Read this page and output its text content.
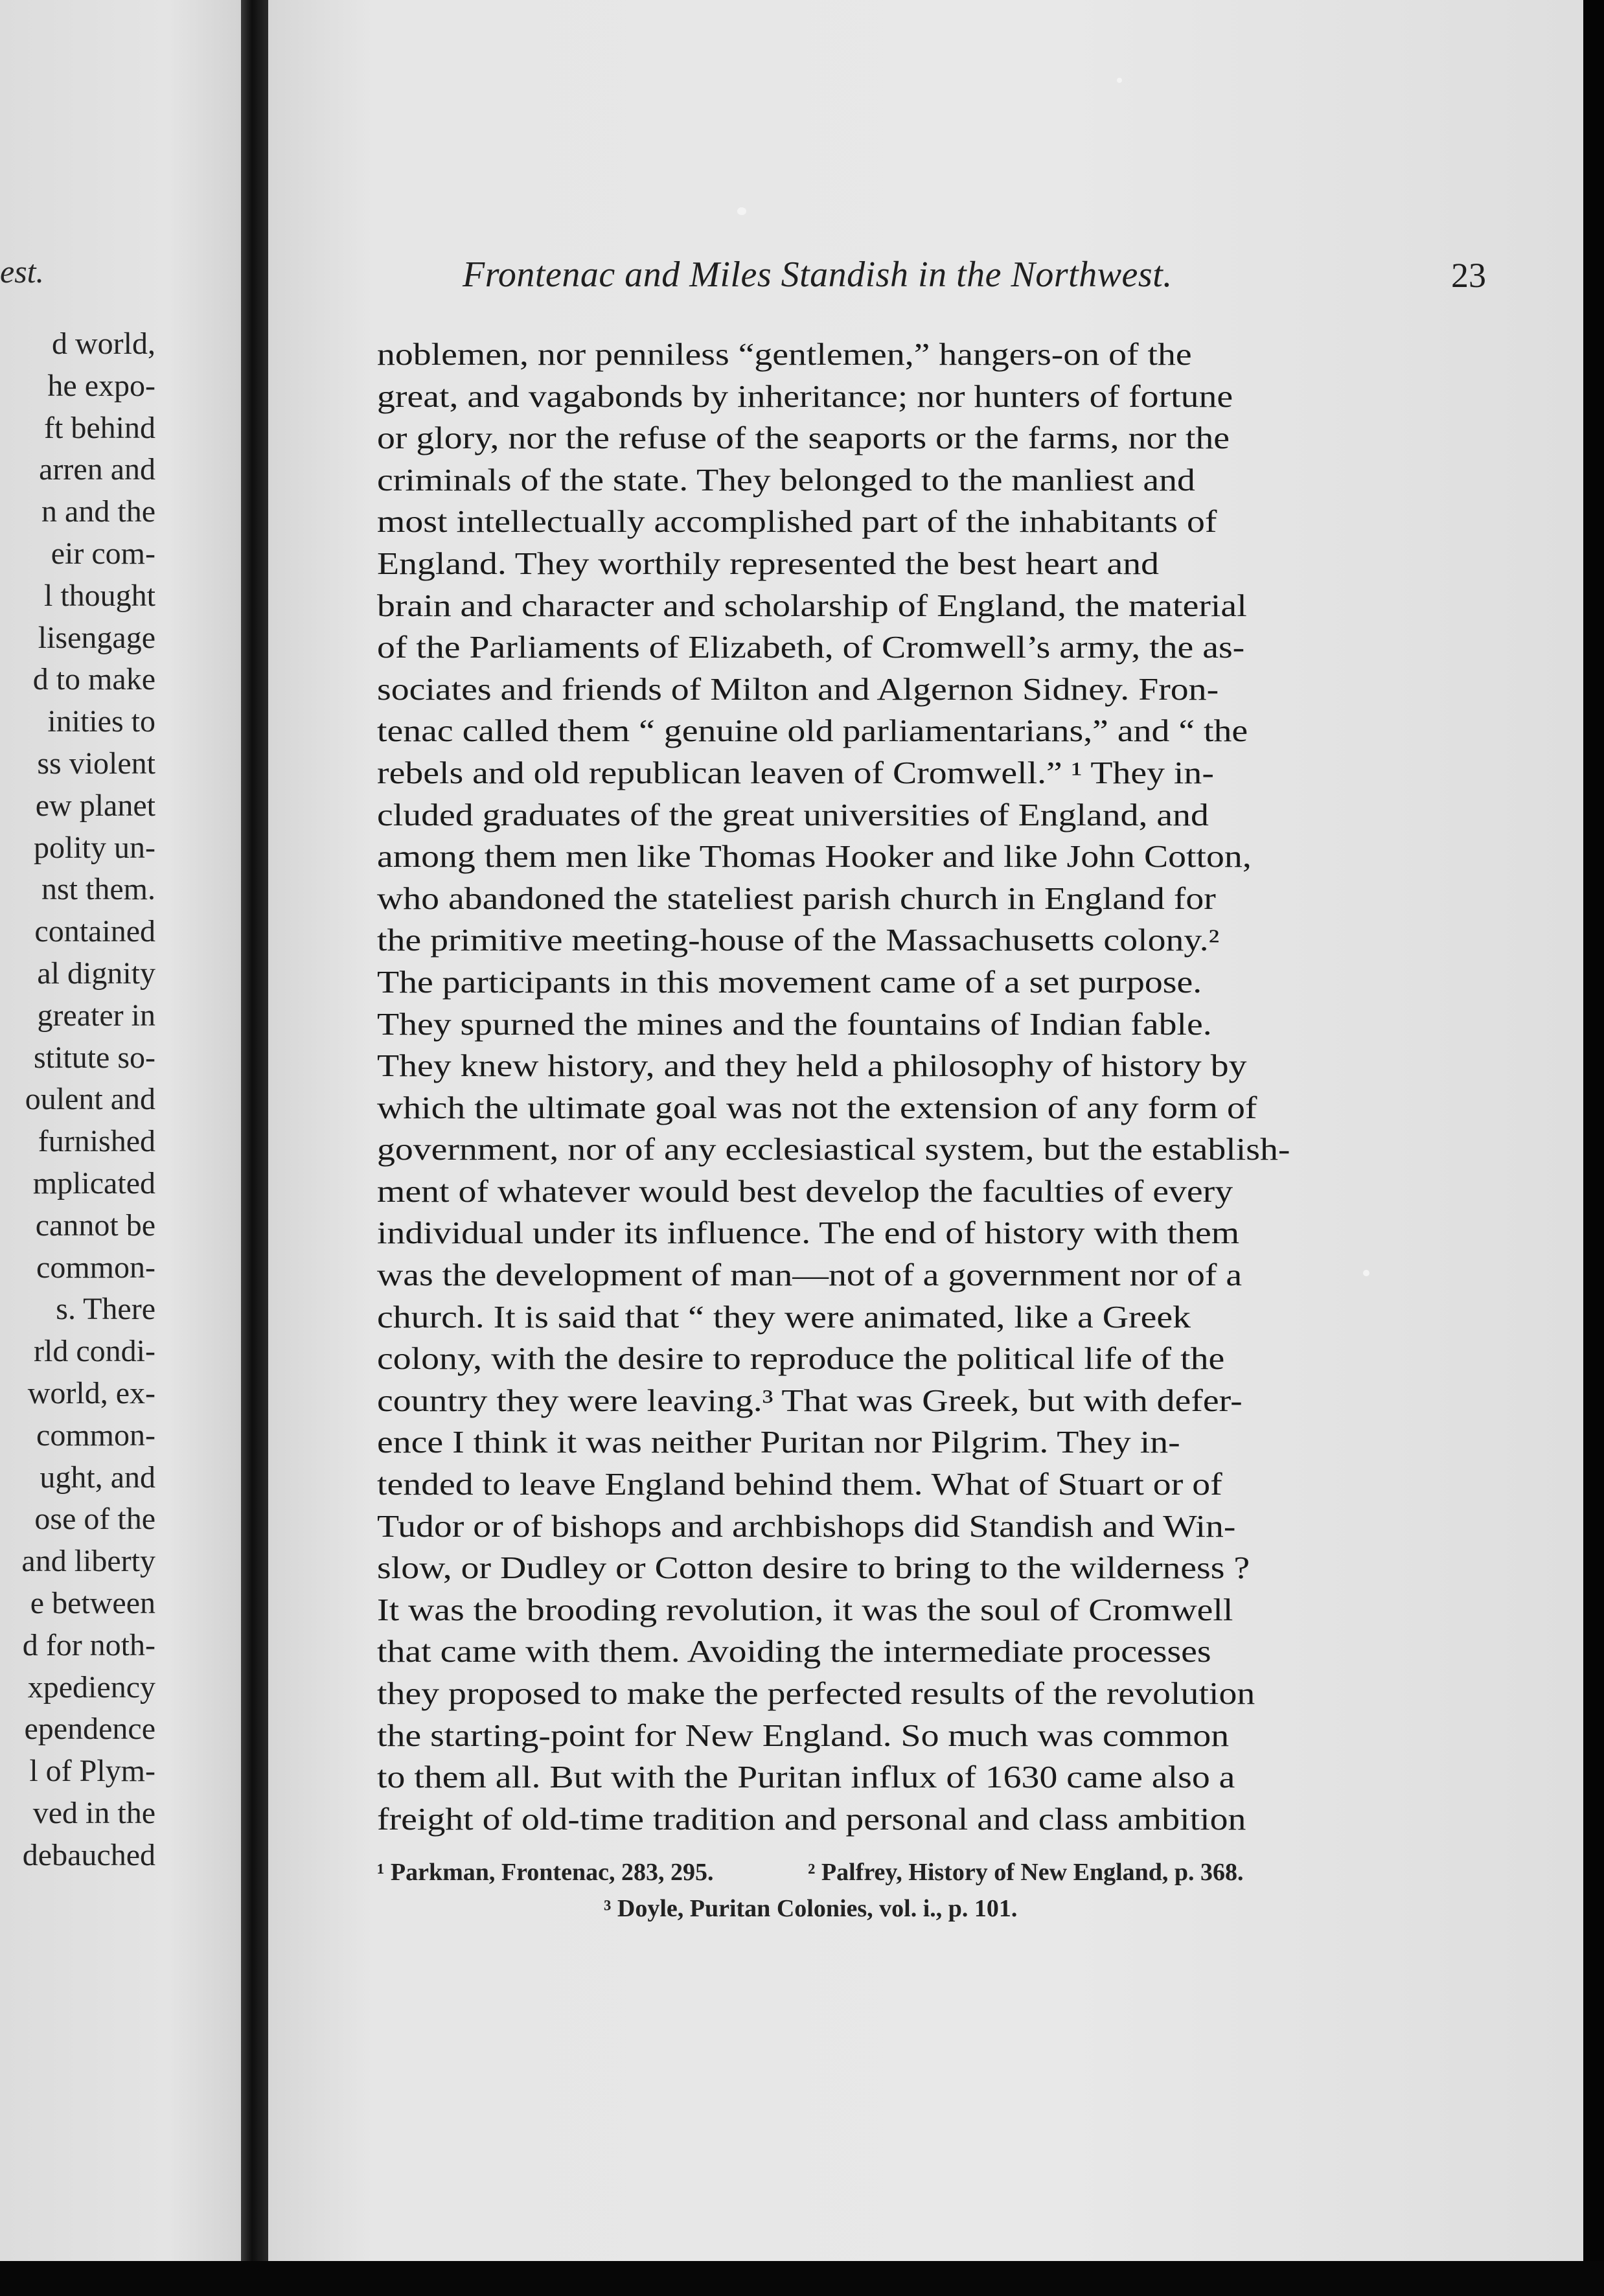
est.
d world,
he expo-
ft behind
arren and
n and the
eir com-
l thought
lisengage
d to make
inities to
ss violent
ew planet
polity un-
nst them.
contained
al dignity
greater in
stitute so-
oulent and
furnished
mplicated
cannot be
common-
s. There
rld condi-
world, ex-
common-
ught, and
ose of the
and liberty
e between
d for noth-
xpediency
ependence
l of Plym-
ved in the
debauched
Frontenac and Miles Standish in the Northwest.	23
noblemen, nor penniless “gentlemen,” hangers-on of the
great, and vagabonds by inheritance; nor hunters of fortune
or glory, nor the refuse of the seaports or the farms, nor the
criminals of the state. They belonged to the manliest and
most intellectually accomplished part of the inhabitants of
England. They worthily represented the best heart and
brain and character and scholarship of England, the material
of the Parliaments of Elizabeth, of Cromwell’s army, the as-
sociates and friends of Milton and Algernon Sidney. Fron-
tenac called them “ genuine old parliamentarians,” and “ the
rebels and old republican leaven of Cromwell.” ¹ They in-
cluded graduates of the great universities of England, and
among them men like Thomas Hooker and like John Cotton,
who abandoned the stateliest parish church in England for
the primitive meeting-house of the Massachusetts colony.²
The participants in this movement came of a set purpose.
They spurned the mines and the fountains of Indian fable.
They knew history, and they held a philosophy of history by
which the ultimate goal was not the extension of any form of
government, nor of any ecclesiastical system, but the establish-
ment of whatever would best develop the faculties of every
individual under its influence. The end of history with them
was the development of man—not of a government nor of a
church. It is said that “ they were animated, like a Greek
colony, with the desire to reproduce the political life of the
country they were leaving.³ That was Greek, but with defer-
ence I think it was neither Puritan nor Pilgrim. They in-
tended to leave England behind them. What of Stuart or of
Tudor or of bishops and archbishops did Standish and Win-
slow, or Dudley or Cotton desire to bring to the wilderness ?
It was the brooding revolution, it was the soul of Cromwell
that came with them. Avoiding the intermediate processes
they proposed to make the perfected results of the revolution
the starting-point for New England. So much was common
to them all. But with the Puritan influx of 1630 came also a
freight of old-time tradition and personal and class ambition
¹ Parkman, Frontenac, 283, 295.	² Palfrey, History of New England, p. 368.
³ Doyle, Puritan Colonies, vol. i., p. 101.
